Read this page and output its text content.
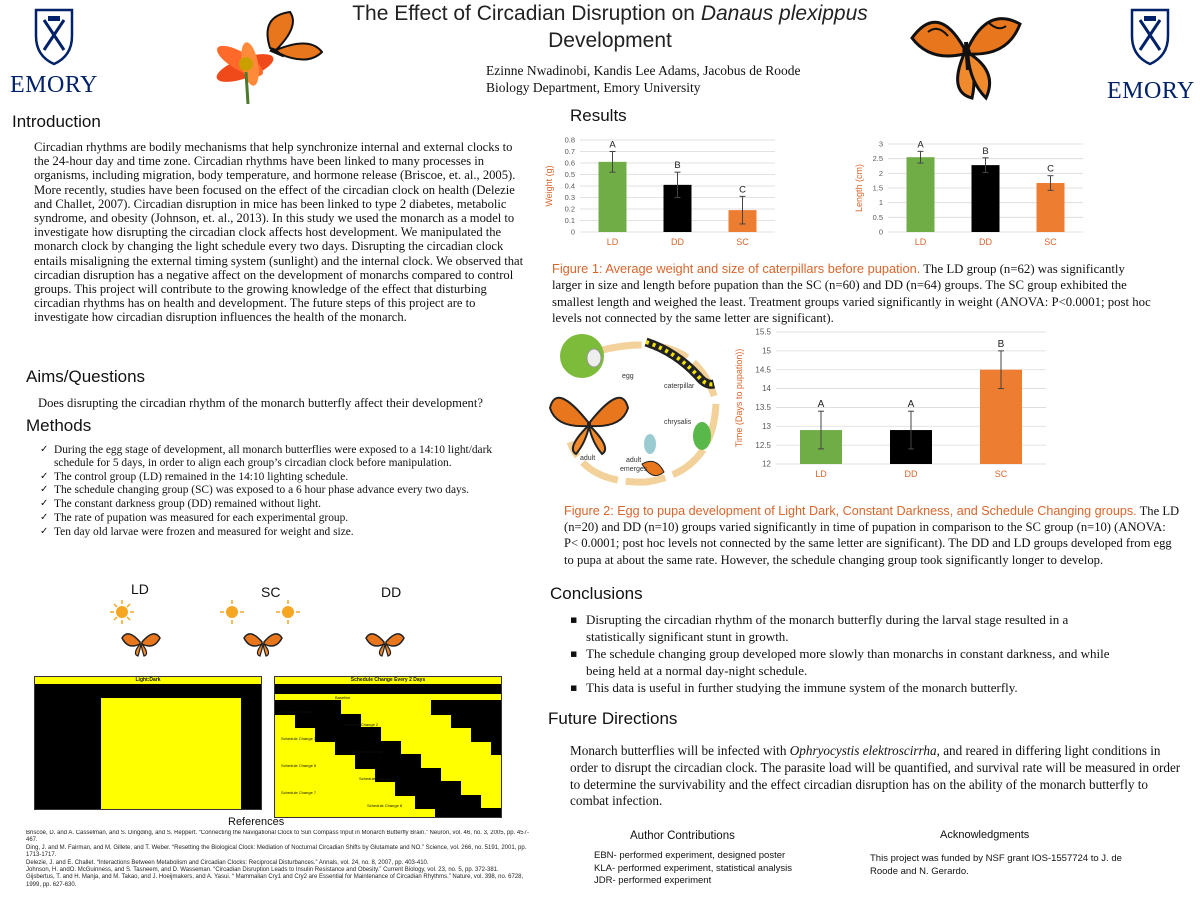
EMORY	EMORY
The Effect of Circadian Disruption on Danaus plexippus
Development
Ezinne Nwadinobi, Kandis Lee Adams, Jacobus de Roode
Biology Department, Emory University
Introduction
Circadian rhythms are bodily mechanisms that help synchronize internal and external clocks to the 24-hour day and time zone. Circadian rhythms have been linked to many processes in organisms, including migration, body temperature, and hormone release (Briscoe, et. al., 2005). More recently, studies have been focused on the effect of the circadian clock on health (Delezie and Challet, 2007). Circadian disruption in mice has been linked to type 2 diabetes, metabolic syndrome, and obesity (Johnson, et. al., 2013). In this study we used the monarch as a model to investigate how disrupting the circadian clock affects host development. We manipulated the monarch clock by changing the light schedule every two days. Disrupting the circadian clock entails misaligning the external timing system (sunlight) and the internal clock. We observed that circadian disruption has a negative affect on the development of monarchs compared to control groups. This project will contribute to the growing knowledge of the effect that disturbing circadian rhythms has on health and development. The future steps of this project are to investigate how circadian disruption influences the health of the monarch.
Aims/Questions
Does disrupting the circadian rhythm of the monarch butterfly affect their development?
Methods
✓ During the egg stage of development, all monarch butterflies were exposed to a 14:10 light/dark schedule for 5 days, in order to align each group’s circadian clock before manipulation.
✓ The control group (LD) remained in the 14:10 lighting schedule.
✓ The schedule changing group (SC) was exposed to a 6 hour phase advance every two days.
✓ The constant darkness group (DD) remained without light.
✓ The rate of pupation was measured for each experimental group.
✓ Ten day old larvae were frozen and measured for weight and size.
LD	SC	DD
Light:Dark	Schedule Change Every 2 Days
Baseline
Schedule Change 1
Schedule Change 2
Schedule Change 3
Schedule Change 4
Schedule Change 5
Schedule Change 6
Schedule Change 7
Schedule Change 8
References
Briscoe, D. and A. Casselman, and S. Dingding, and S. Reppert. “Connecting the Navigational Clock to Sun Compass Input in Monarch Butterfly Brain.” Neuron, vol. 46, no. 3, 2005, pp. 457-467.
Ding, J. and M. Fairman, and M. Gillete, and T. Weber. “Resetting the Biological Clock: Mediation of Nocturnal Circadian Shifts by Glutamate and NO.” Science, vol. 266, no. 5191, 2001, pp. 1713-1717.
Delezie, J. and E. Challet. “Interactions Between Metabolism and Circadian Clocks: Reciprocal Disturbances.” Annals, vol. 24, no. 8, 2007, pp. 403-410.
Johnson, H. andO. McGuinness, and S. Tasneem, and D. Wasseman. “Circadian Disruption Leads to Insulin Resistance and Obesity.” Current Biology, vol. 23, no. 5, pp. 372-381.
Gijsbertus, T. and H. Manja, and M. Takao, and J. Hoeijmakers, and A. Yasui. “ Mammalian Cry1 and Cry2 are Essential for Maintenance of Circadian Rhythms.” Nature, vol. 398, no. 6728, 1999, pp. 627-630.
Results
0
0.1
0.2
0.3
0.4
0.5
0.6
0.7
0.8
Weight (g)
A
LD
B
DD
C
SC
0
0.5
1
1.5
2
2.5
3
Length (cm)
A
LD
B
DD
C
SC
Figure 1: Average weight and size of caterpillars before pupation. The LD group (n=62) was significantly larger in size and length before pupation than the SC (n=60) and DD (n=64) groups. The SC group exhibited the smallest length and weighed the least. Treatment groups varied significantly in weight (ANOVA: P<0.0001; post hoc levels not connected by the same letter are significant).
egg
caterpillar
chrysalis
adult
emerges
adult
12
12.5
13
13.5
14
14.5
15
15.5
Time (Days to pupation))	A
LD
A
DD
B
SC
Figure 2: Egg to pupa development of Light Dark, Constant Darkness, and Schedule Changing groups. The LD (n=20) and DD (n=10) groups varied significantly in time of pupation in comparison to the SC group (n=10) (ANOVA: P< 0.0001; post hoc levels not connected by the same letter are significant). The DD and LD groups developed from egg to pupa at about the same rate. However, the schedule changing group took significantly longer to develop.
Conclusions
▪ Disrupting the circadian rhythm of the monarch butterfly during the larval stage resulted in a statistically significant stunt in growth.
▪ The schedule changing group developed more slowly than monarchs in constant darkness, and while being held at a normal day-night schedule.
▪ This data is useful in further studying the immune system of the monarch butterfly.
Future Directions
Monarch butterflies will be infected with Ophryocystis elektroscirrha, and reared in differing light conditions in order to disrupt the circadian clock. The parasite load will be quantified, and survival rate will be measured in order to determine the survivability and the effect circadian disruption has on the ability of the monarch butterfly to combat infection.
Author Contributions
EBN- performed experiment, designed poster
KLA- performed experiment, statistical analysis
JDR- performed experiment
Acknowledgments
This project was funded by NSF grant IOS-1557724 to J. de Roode and N. Gerardo.
